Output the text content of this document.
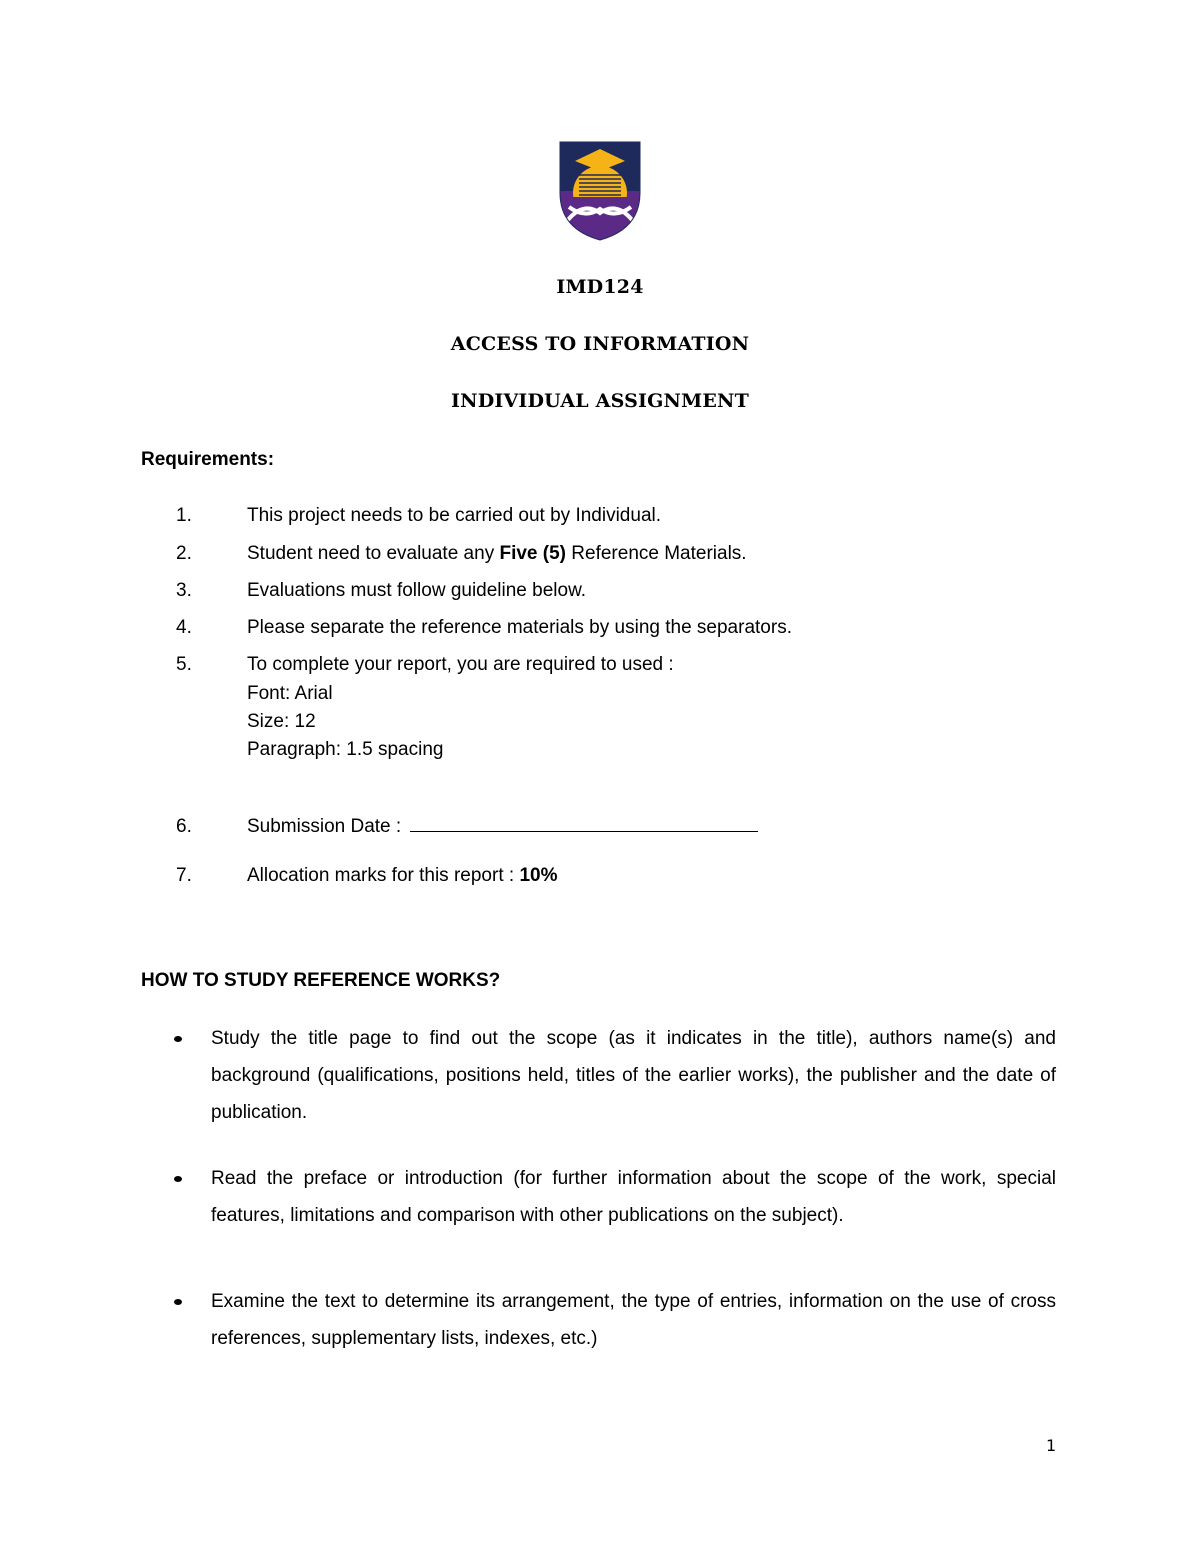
IMD124
ACCESS TO INFORMATION
INDIVIDUAL ASSIGNMENT
Requirements:
1.	This project needs to be carried out by Individual.
2.	Student need to evaluate any Five (5) Reference Materials.
3.	Evaluations must follow guideline below.
4.	Please separate the reference materials by using the separators.
5.	To complete your report, you are required to used :
Font: Arial
Size: 12
Paragraph: 1.5 spacing
6.	Submission Date :
7.	Allocation marks for this report : 10%
HOW TO STUDY REFERENCE WORKS?
Study the title page to find out the scope (as it indicates in the title), authors name(s) and background (qualifications, positions held, titles of the earlier works), the publisher and the date of publication.
Read the preface or introduction (for further information about the scope of the work, special features, limitations and comparison with other publications on the subject).
Examine the text to determine its arrangement, the type of entries, information on the use of cross references, supplementary lists, indexes, etc.)
1
